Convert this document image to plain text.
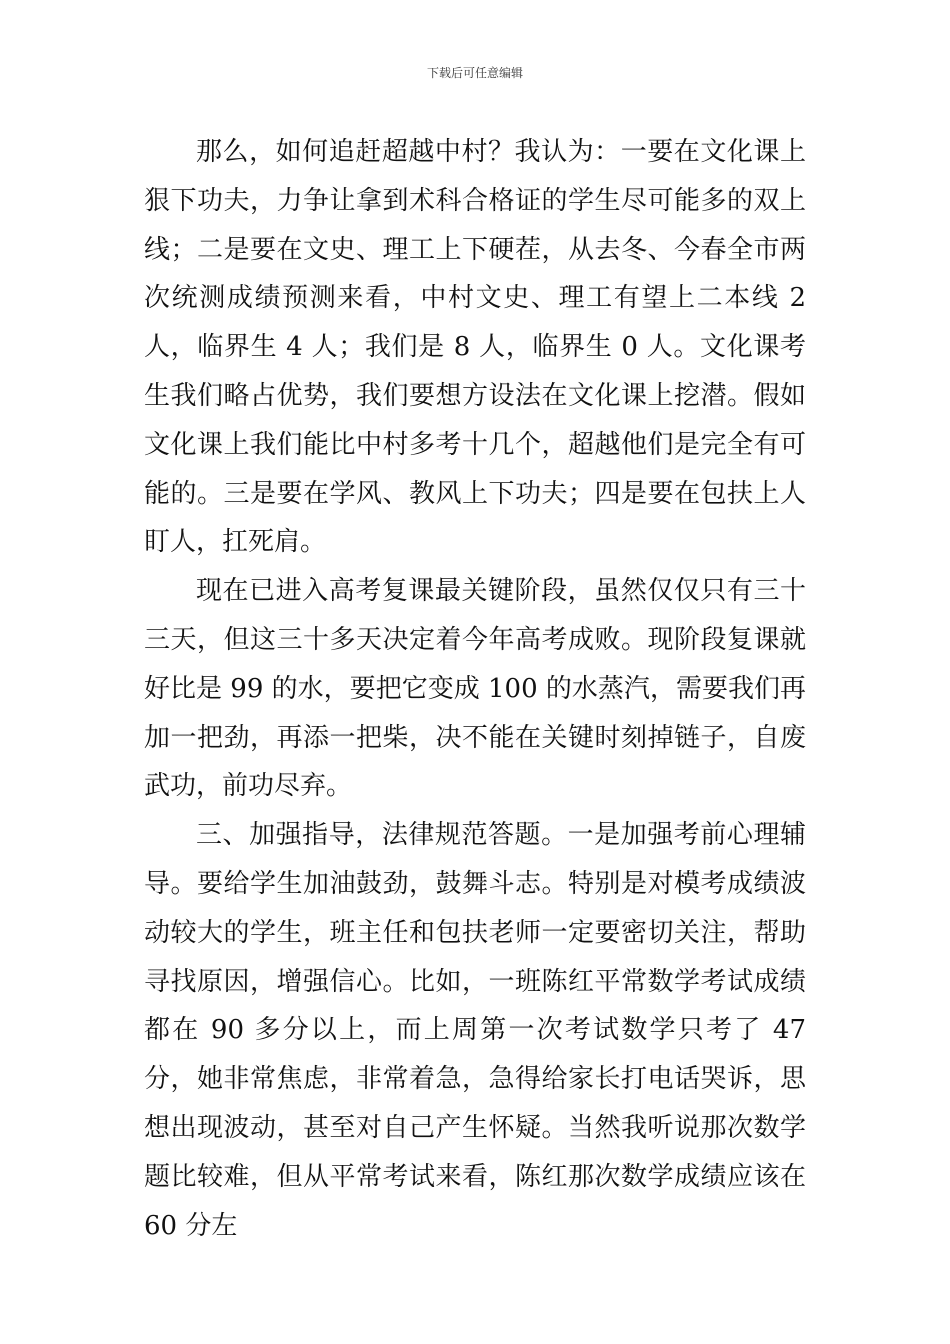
下载后可任意编辑

那么，如何追赶超越中村？我认为：一要在文化课上狠下功夫，力争让拿到术科合格证的学生尽可能多的双上线；二是要在文史、理工上下硬茬，从去冬、今春全市两次统测成绩预测来看，中村文史、理工有望上二本线 2 人，临界生 4 人；我们是 8 人，临界生 0 人。文化课考生我们略占优势，我们要想方设法在文化课上挖潜。假如文化课上我们能比中村多考十几个，超越他们是完全有可能的。三是要在学风、教风上下功夫；四是要在包扶上人盯人，扛死肩。

现在已进入高考复课最关键阶段，虽然仅仅只有三十三天，但这三十多天决定着今年高考成败。现阶段复课就好比是 99 的水，要把它变成 100 的水蒸汽，需要我们再加一把劲，再添一把柴，决不能在关键时刻掉链子，自废武功，前功尽弃。

三、加强指导，法律规范答题。一是加强考前心理辅导。要给学生加油鼓劲，鼓舞斗志。特别是对模考成绩波动较大的学生，班主任和包扶老师一定要密切关注，帮助寻找原因，增强信心。比如，一班陈红平常数学考试成绩都在 90 多分以上，而上周第一次考试数学只考了 47 分，她非常焦虑，非常着急，急得给家长打电话哭诉，思想出现波动，甚至对自己产生怀疑。当然我听说那次数学题比较难，但从平常考试来看，陈红那次数学成绩应该在 60 分左
